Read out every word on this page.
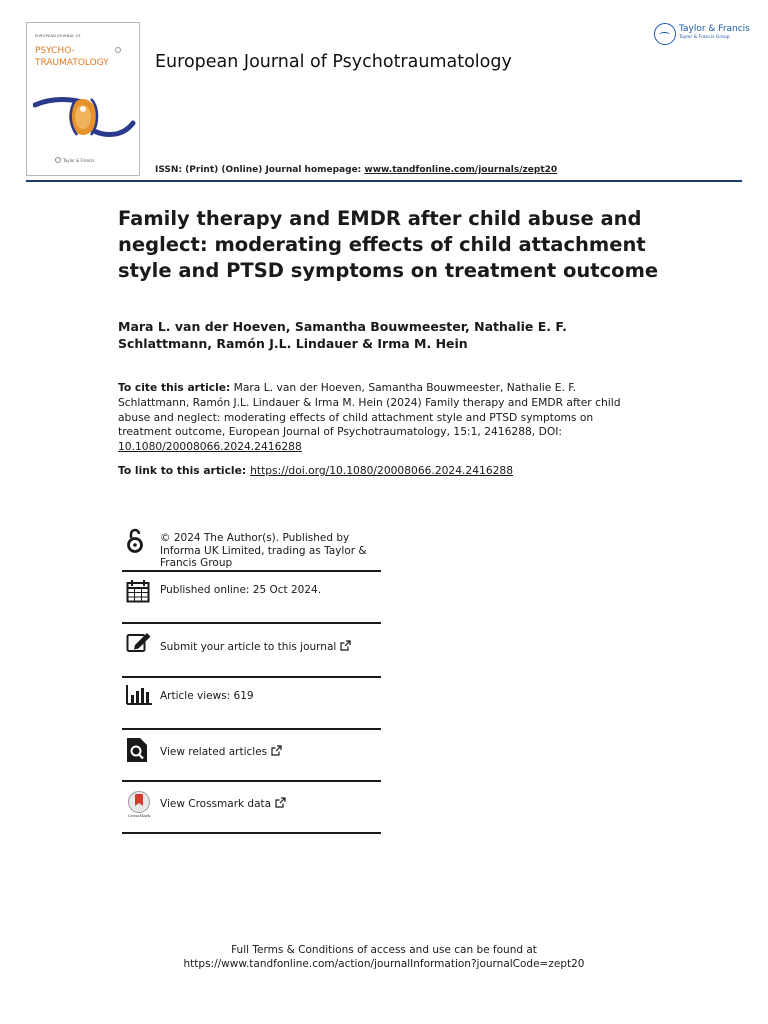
EUROPEAN JOURNAL OF
PSYCHO-
TRAUMATOLOGY
Taylor & Francis
European Journal of Psychotraumatology
ISSN: (Print) (Online) Journal homepage: www.tandfonline.com/journals/zept20
Taylor & Francis
Taylor & Francis Group
Family therapy and EMDR after child abuse and neglect: moderating effects of child attachment style and PTSD symptoms on treatment outcome
Mara L. van der Hoeven, Samantha Bouwmeester, Nathalie E. F. Schlattmann, Ramón J.L. Lindauer & Irma M. Hein
To cite this article: Mara L. van der Hoeven, Samantha Bouwmeester, Nathalie E. F. Schlattmann, Ramón J.L. Lindauer & Irma M. Hein (2024) Family therapy and EMDR after child abuse and neglect: moderating effects of child attachment style and PTSD symptoms on treatment outcome, European Journal of Psychotraumatology, 15:1, 2416288, DOI: 10.1080/20008066.2024.2416288
To link to this article: https://doi.org/10.1080/20008066.2024.2416288
© 2024 The Author(s). Published by Informa UK Limited, trading as Taylor & Francis Group
Published online: 25 Oct 2024.
Submit your article to this journal
Article views: 619
View related articles
CrossMark
View Crossmark data
Full Terms & Conditions of access and use can be found at
https://www.tandfonline.com/action/journalInformation?journalCode=zept20
